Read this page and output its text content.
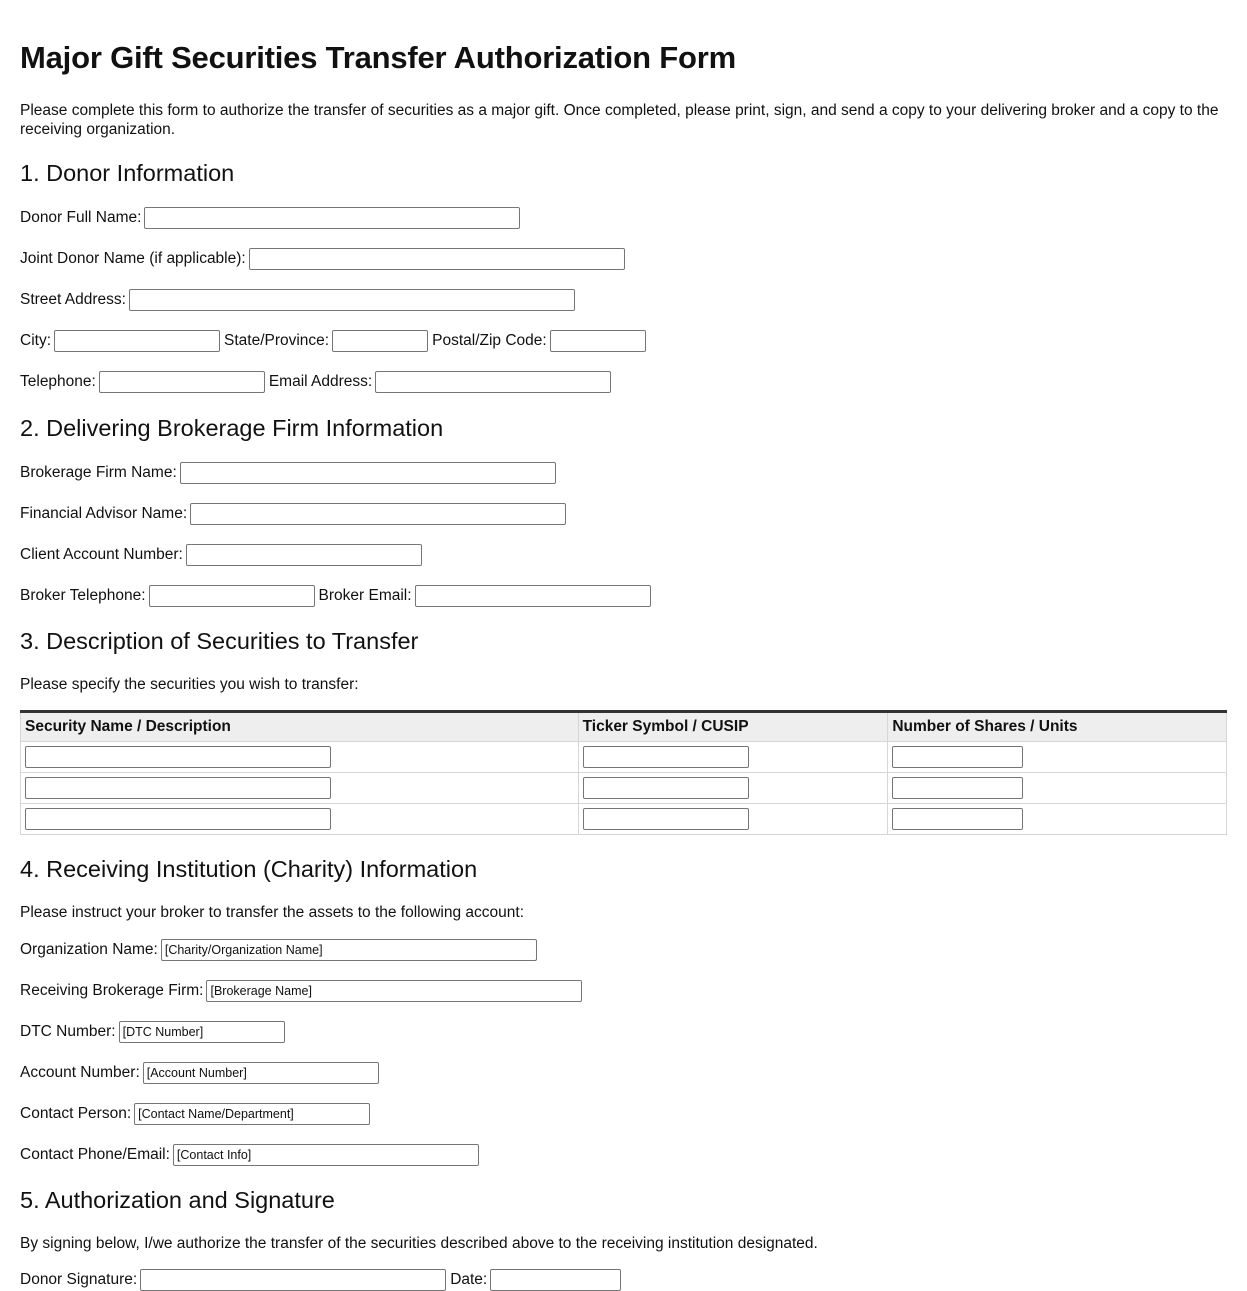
Major Gift Securities Transfer Authorization Form

Please complete this form to authorize the transfer of securities as a major gift. Once completed, please print, sign, and send a copy to your delivering broker and a copy to the receiving organization.

1. Donor Information
Donor Full Name:
Joint Donor Name (if applicable):
Street Address:
City:	State/Province:	Postal/Zip Code:
Telephone:	Email Address:
2. Delivering Brokerage Firm Information
Brokerage Firm Name:
Financial Advisor Name:
Client Account Number:
Broker Telephone:	Broker Email:
3. Description of Securities to Transfer

Please specify the securities you wish to transfer:

Security Name / Description	Ticker Symbol / CUSIP	Number of Shares / Units

4. Receiving Institution (Charity) Information

Please instruct your broker to transfer the assets to the following account:

Organization Name:
[Charity/Organization Name]
Receiving Brokerage Firm:
[Brokerage Name]
DTC Number:
[DTC Number]
Account Number:
[Account Number]
Contact Person:
[Contact Name/Department]
Contact Phone/Email:
[Contact Info]
5. Authorization and Signature

By signing below, I/we authorize the transfer of the securities described above to the receiving institution designated.

Donor Signature:	Date:
